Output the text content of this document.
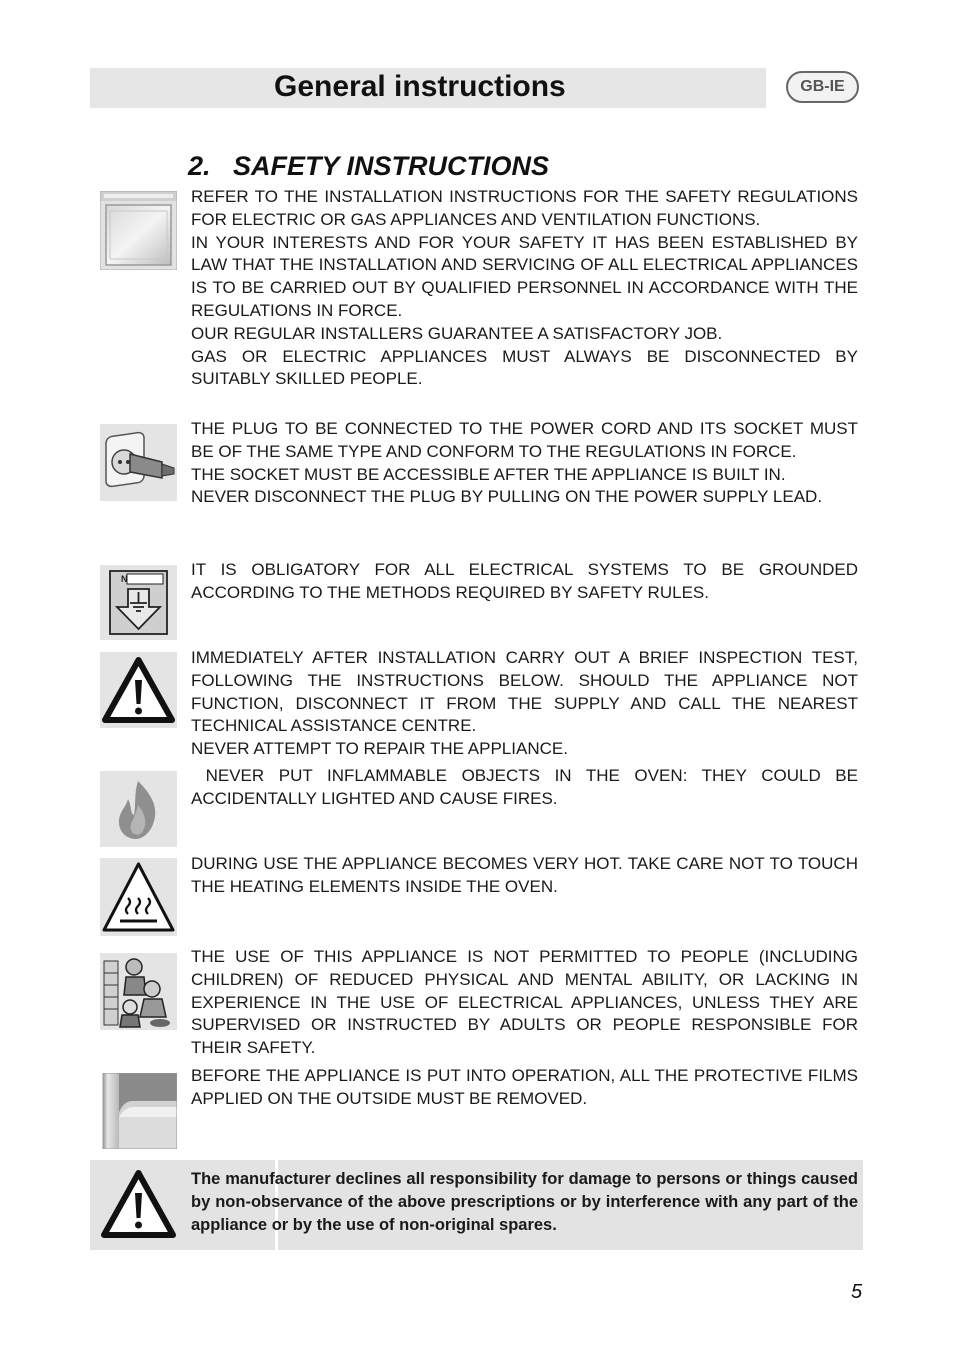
General instructions	GB-IE
2. SAFETY INSTRUCTIONS

REFER TO THE INSTALLATION INSTRUCTIONS FOR THE SAFETY REGULATIONS FOR ELECTRIC OR GAS APPLIANCES AND VENTILATION FUNCTIONS.

IN YOUR INTERESTS AND FOR YOUR SAFETY IT HAS BEEN ESTABLISHED BY LAW THAT THE INSTALLATION AND SERVICING OF ALL ELECTRICAL APPLIANCES IS TO BE CARRIED OUT BY QUALIFIED PERSONNEL IN ACCORDANCE WITH THE REGULATIONS IN FORCE.

OUR REGULAR INSTALLERS GUARANTEE A SATISFACTORY JOB.

GAS OR ELECTRIC APPLIANCES MUST ALWAYS BE DISCONNECTED BY SUITABLY SKILLED PEOPLE.

THE PLUG TO BE CONNECTED TO THE POWER CORD AND ITS SOCKET MUST BE OF THE SAME TYPE AND CONFORM TO THE REGULATIONS IN FORCE.

THE SOCKET MUST BE ACCESSIBLE AFTER THE APPLIANCE IS BUILT IN.

NEVER DISCONNECT THE PLUG BY PULLING ON THE POWER SUPPLY LEAD.

N	IT IS OBLIGATORY FOR ALL ELECTRICAL SYSTEMS TO BE GROUNDED ACCORDING TO THE METHODS REQUIRED BY SAFETY RULES.

IMMEDIATELY AFTER INSTALLATION CARRY OUT A BRIEF INSPECTION TEST, FOLLOWING THE INSTRUCTIONS BELOW. SHOULD THE APPLIANCE NOT FUNCTION, DISCONNECT IT FROM THE SUPPLY AND CALL THE NEAREST TECHNICAL ASSISTANCE CENTRE.

NEVER ATTEMPT TO REPAIR THE APPLIANCE.

NEVER PUT INFLAMMABLE OBJECTS IN THE OVEN: THEY COULD BE ACCIDENTALLY LIGHTED AND CAUSE FIRES.

DURING USE THE APPLIANCE BECOMES VERY HOT. TAKE CARE NOT TO TOUCH THE HEATING ELEMENTS INSIDE THE OVEN.

THE USE OF THIS APPLIANCE IS NOT PERMITTED TO PEOPLE (INCLUDING CHILDREN) OF REDUCED PHYSICAL AND MENTAL ABILITY, OR LACKING IN EXPERIENCE IN THE USE OF ELECTRICAL APPLIANCES, UNLESS THEY ARE SUPERVISED OR INSTRUCTED BY ADULTS OR PEOPLE RESPONSIBLE FOR THEIR SAFETY.

BEFORE THE APPLIANCE IS PUT INTO OPERATION, ALL THE PROTECTIVE FILMS APPLIED ON THE OUTSIDE MUST BE REMOVED.

The manufacturer declines all responsibility for damage to persons or things caused by non-observance of the above prescriptions or by interference with any part of the appliance or by the use of non-original spares.
5
